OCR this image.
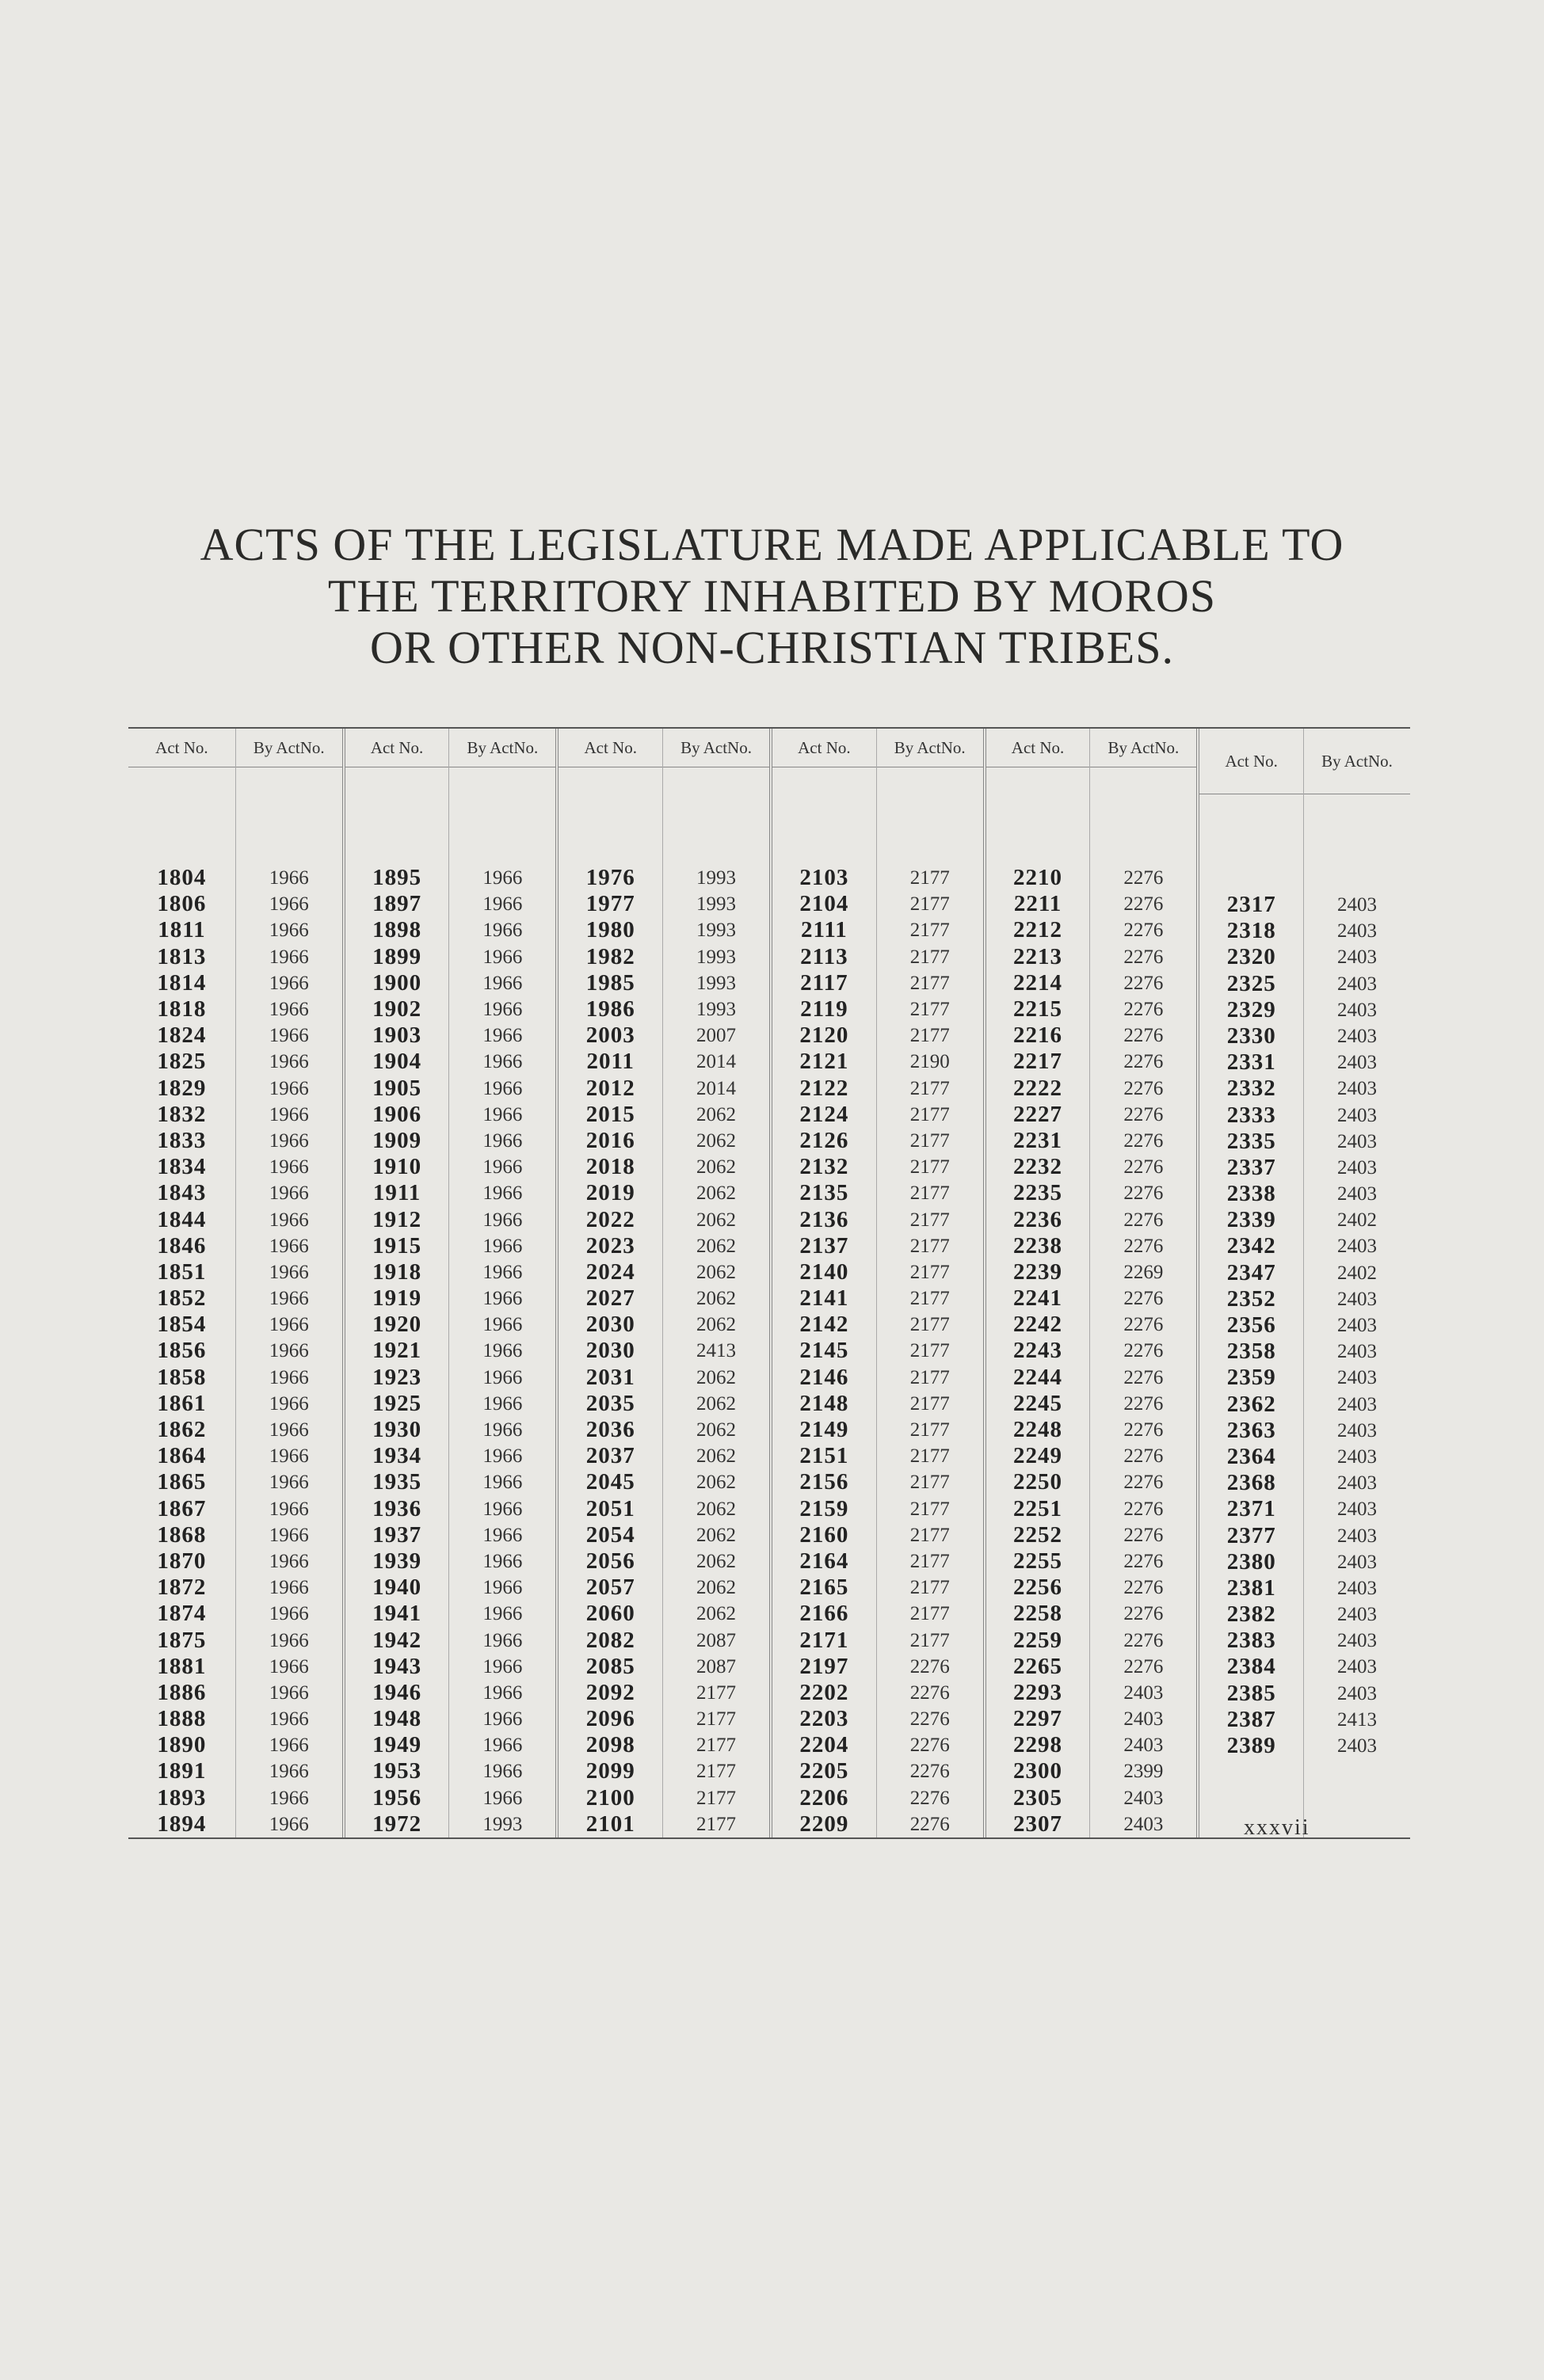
ACTS OF THE LEGISLATURE MADE APPLICABLE TO
THE TERRITORY INHABITED BY MOROS
OR OTHER NON-CHRISTIAN TRIBES.
Act No.
1804
1806
1811
1813
1814
1818
1824
1825
1829
1832
1833
1834
1843
1844
1846
1851
1852
1854
1856
1858
1861
1862
1864
1865
1867
1868
1870
1872
1874
1875
1881
1886
1888
1890
1891
1893
1894
By Act No.
1966
1966
1966
1966
1966
1966
1966
1966
1966
1966
1966
1966
1966
1966
1966
1966
1966
1966
1966
1966
1966
1966
1966
1966
1966
1966
1966
1966
1966
1966
1966
1966
1966
1966
1966
1966
1966
Act No.
1895
1897
1898
1899
1900
1902
1903
1904
1905
1906
1909
1910
1911
1912
1915
1918
1919
1920
1921
1923
1925
1930
1934
1935
1936
1937
1939
1940
1941
1942
1943
1946
1948
1949
1953
1956
1972
By Act No.
1966
1966
1966
1966
1966
1966
1966
1966
1966
1966
1966
1966
1966
1966
1966
1966
1966
1966
1966
1966
1966
1966
1966
1966
1966
1966
1966
1966
1966
1966
1966
1966
1966
1966
1966
1966
1993
Act No.
1976
1977
1980
1982
1985
1986
2003
2011
2012
2015
2016
2018
2019
2022
2023
2024
2027
2030
2030
2031
2035
2036
2037
2045
2051
2054
2056
2057
2060
2082
2085
2092
2096
2098
2099
2100
2101
By Act No.
1993
1993
1993
1993
1993
1993
2007
2014
2014
2062
2062
2062
2062
2062
2062
2062
2062
2062
2413
2062
2062
2062
2062
2062
2062
2062
2062
2062
2062
2087
2087
2177
2177
2177
2177
2177
2177
Act No.
2103
2104
2111
2113
2117
2119
2120
2121
2122
2124
2126
2132
2135
2136
2137
2140
2141
2142
2145
2146
2148
2149
2151
2156
2159
2160
2164
2165
2166
2171
2197
2202
2203
2204
2205
2206
2209
By Act No.
2177
2177
2177
2177
2177
2177
2177
2190
2177
2177
2177
2177
2177
2177
2177
2177
2177
2177
2177
2177
2177
2177
2177
2177
2177
2177
2177
2177
2177
2177
2276
2276
2276
2276
2276
2276
2276
Act No.
2210
2211
2212
2213
2214
2215
2216
2217
2222
2227
2231
2232
2235
2236
2238
2239
2241
2242
2243
2244
2245
2248
2249
2250
2251
2252
2255
2256
2258
2259
2265
2293
2297
2298
2300
2305
2307
By Act No.
2276
2276
2276
2276
2276
2276
2276
2276
2276
2276
2276
2276
2276
2276
2276
2269
2276
2276
2276
2276
2276
2276
2276
2276
2276
2276
2276
2276
2276
2276
2276
2403
2403
2403
2399
2403
2403
Act No.
2317
2318
2320
2325
2329
2330
2331
2332
2333
2335
2337
2338
2339
2342
2347
2352
2356
2358
2359
2362
2363
2364
2368
2371
2377
2380
2381
2382
2383
2384
2385
2387
2389
By Act No.
2403
2403
2403
2403
2403
2403
2403
2403
2403
2403
2403
2403
2402
2403
2402
2403
2403
2403
2403
2403
2403
2403
2403
2403
2403
2403
2403
2403
2403
2403
2403
2413
2403
xxxvii
